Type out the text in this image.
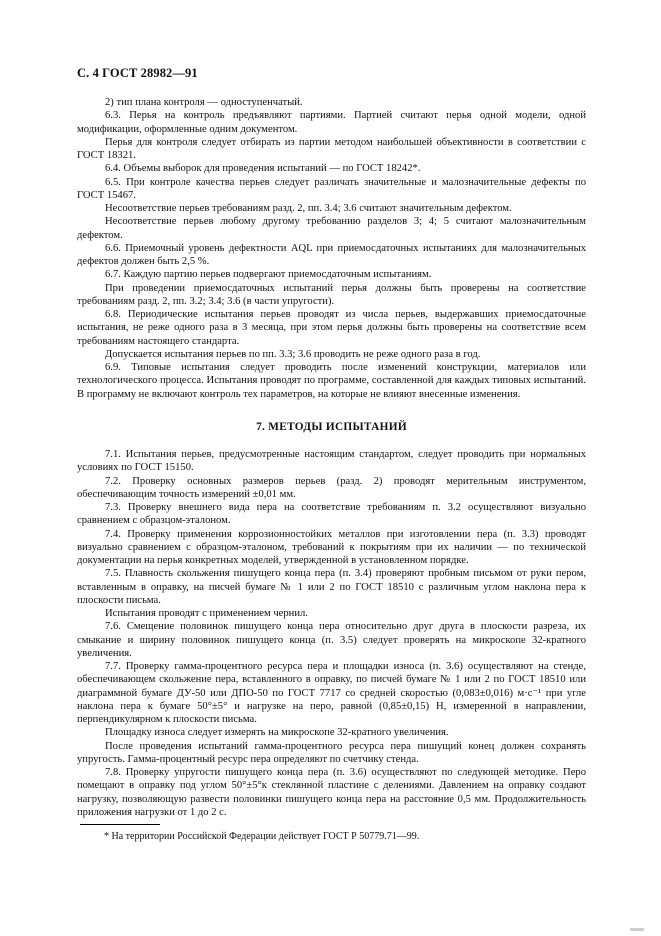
С. 4 ГОСТ 28982—91

2) тип плана контроля — одноступенчатый.

6.3. Перья на контроль предъявляют партиями. Партией считают перья одной модели, одной модификации, оформленные одним документом.

Перья для контроля следует отбирать из партии методом наибольшей объективности в соответствии с ГОСТ 18321.

6.4. Объемы выборок для проведения испытаний — по ГОСТ 18242*.

6.5. При контроле качества перьев следует различать значительные и малозначительные дефекты по ГОСТ 15467.

Несоответствие перьев требованиям разд. 2, пп. 3.4; 3.6 считают значительным дефектом.

Несоответствие перьев любому другому требованию разделов 3; 4; 5 считают малозначительным дефектом.

6.6. Приемочный уровень дефектности AQL при приемосдаточных испытаниях для малозначительных дефектов должен быть 2,5 %.

6.7. Каждую партию перьев подвергают приемосдаточным испытаниям.

При проведении приемосдаточных испытаний перья должны быть проверены на соответствие требованиям разд. 2, пп. 3.2; 3.4; 3.6 (в части упругости).

6.8. Периодические испытания перьев проводят из числа перьев, выдержавших приемосдаточные испытания, не реже одного раза в 3 месяца, при этом перья должны быть проверены на соответствие всем требованиям настоящего стандарта.

Допускается испытания перьев по пп. 3.3; 3.6 проводить не реже одного раза в год.

6.9. Типовые испытания следует проводить после изменений конструкции, материалов или технологического процесса. Испытания проводят по программе, составленной для каждых типовых испытаний. В программу не включают контроль тех параметров, на которые не влияют внесенные изменения.

7. МЕТОДЫ ИСПЫТАНИЙ

7.1. Испытания перьев, предусмотренные настоящим стандартом, следует проводить при нормальных условиях по ГОСТ 15150.

7.2. Проверку основных размеров перьев (разд. 2) проводят мерительным инструментом, обеспечивающим точность измерений ±0,01 мм.

7.3. Проверку внешнего вида пера на соответствие требованиям п. 3.2 осуществляют визуально сравнением с образцом-эталоном.

7.4. Проверку применения коррозионностойких металлов при изготовлении пера (п. 3.3) проводят визуально сравнением с образцом-эталоном, требований к покрытиям при их наличии — по технической документации на перья конкретных моделей, утвержденной в установленном порядке.

7.5. Плавность скольжения пишущего конца пера (п. 3.4) проверяют пробным письмом от руки пером, вставленным в оправку, на писчей бумаге № 1 или 2 по ГОСТ 18510 с различным углом наклона пера к плоскости письма.

Испытания проводят с применением чернил.

7.6. Смещение половинок пишущего конца пера относительно друг друга в плоскости разреза, их смыкание и ширину половинок пишущего конца (п. 3.5) следует проверять на микроскопе 32-кратного увеличения.

7.7. Проверку гамма-процентного ресурса пера и площадки износа (п. 3.6) осуществляют на стенде, обеспечивающем скольжение пера, вставленного в оправку, по писчей бумаге № 1 или 2 по ГОСТ 18510 или диаграммной бумаге ДУ-50 или ДПО-50 по ГОСТ 7717 со средней скоростью (0,083±0,016) м·с⁻¹ при угле наклона пера к бумаге 50°±5° и нагрузке на перо, равной (0,85±0,15) Н, измеренной в направлении, перпендикулярном к плоскости письма.

Площадку износа следует измерять на микроскопе 32-кратного увеличения.

После проведения испытаний гамма-процентного ресурса пера пишущий конец должен сохранять упругость. Гамма-процентный ресурс пера определяют по счетчику стенда.

7.8. Проверку упругости пишущего конца пера (п. 3.6) осуществляют по следующей методике. Перо помещают в оправку под углом 50°±5°к стеклянной пластине с делениями. Давлением на оправку создают нагрузку, позволяющую развести половинки пишущего конца пера на расстояние 0,5 мм. Продолжительность приложения нагрузки от 1 до 2 с.

* На территории Российской Федерации действует ГОСТ Р 50779.71—99.
